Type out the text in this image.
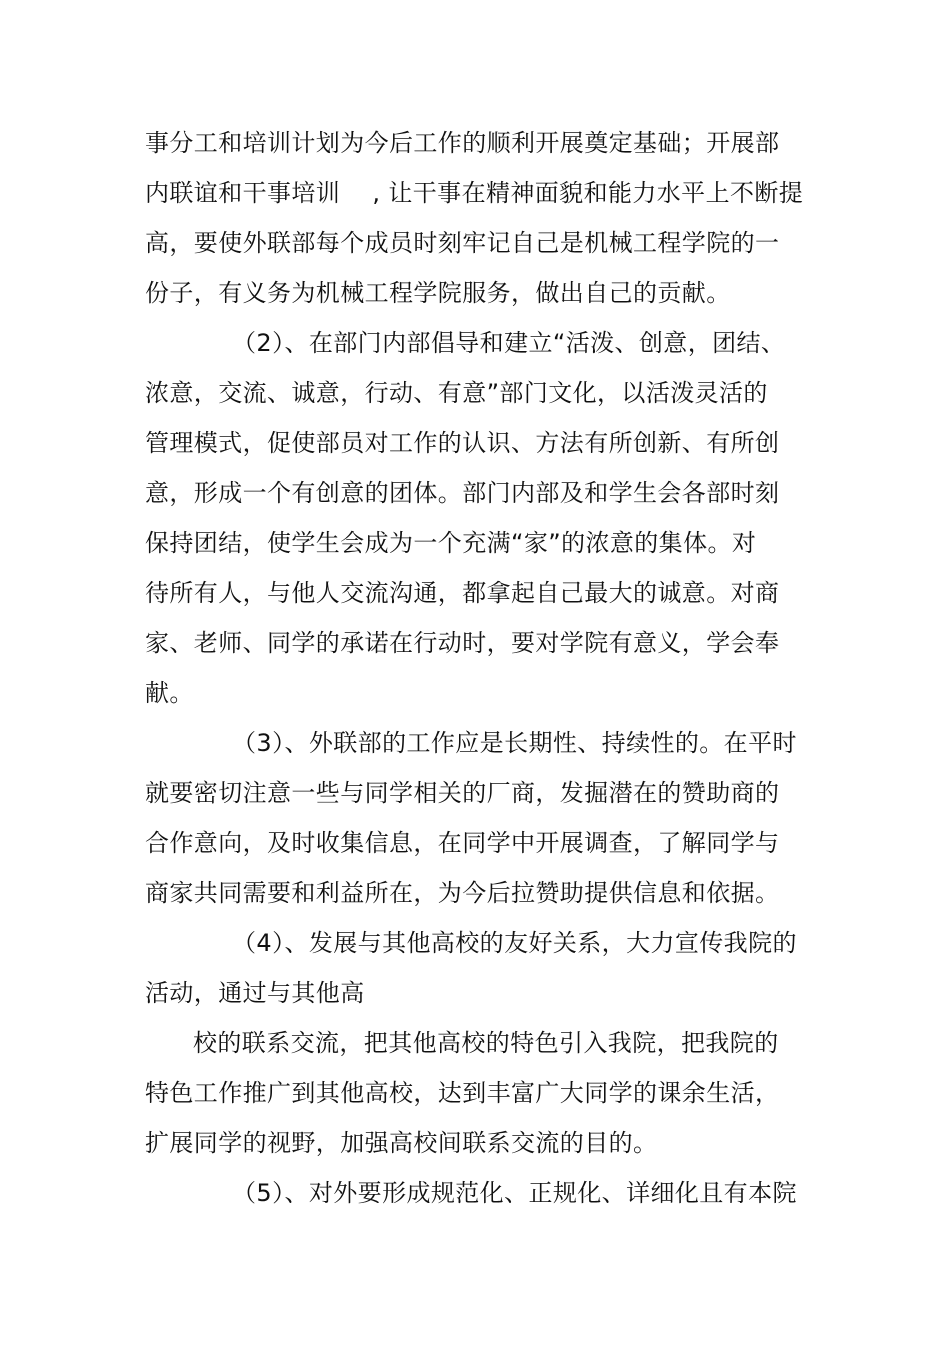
事分工和培训计划为今后工作的顺利开展奠定基础；开展部
内联谊和干事培训    , 让干事在精神面貌和能力水平上不断提
高，要使外联部每个成员时刻牢记自己是机械工程学院的一
份子，有义务为机械工程学院服务，做出自己的贡献。
（2）、在部门内部倡导和建立“活泼、创意，团结、
浓意，交流、诚意，行动、有意”部门文化，以活泼灵活的
管理模式，促使部员对工作的认识、方法有所创新、有所创
意，形成一个有创意的团体。部门内部及和学生会各部时刻
保持团结，使学生会成为一个充满“家”的浓意的集体。对
待所有人，与他人交流沟通，都拿起自己最大的诚意。对商
家、老师、同学的承诺在行动时，要对学院有意义，学会奉
献。
（3）、外联部的工作应是长期性、持续性的。在平时
就要密切注意一些与同学相关的厂商，发掘潜在的赞助商的
合作意向，及时收集信息，在同学中开展调查，了解同学与
商家共同需要和利益所在，为今后拉赞助提供信息和依据。
（4）、发展与其他高校的友好关系，大力宣传我院的
活动，通过与其他高
校的联系交流，把其他高校的特色引入我院，把我院的
特色工作推广到其他高校，达到丰富广大同学的课余生活，
扩展同学的视野，加强高校间联系交流的目的。
（5）、对外要形成规范化、正规化、详细化且有本院
